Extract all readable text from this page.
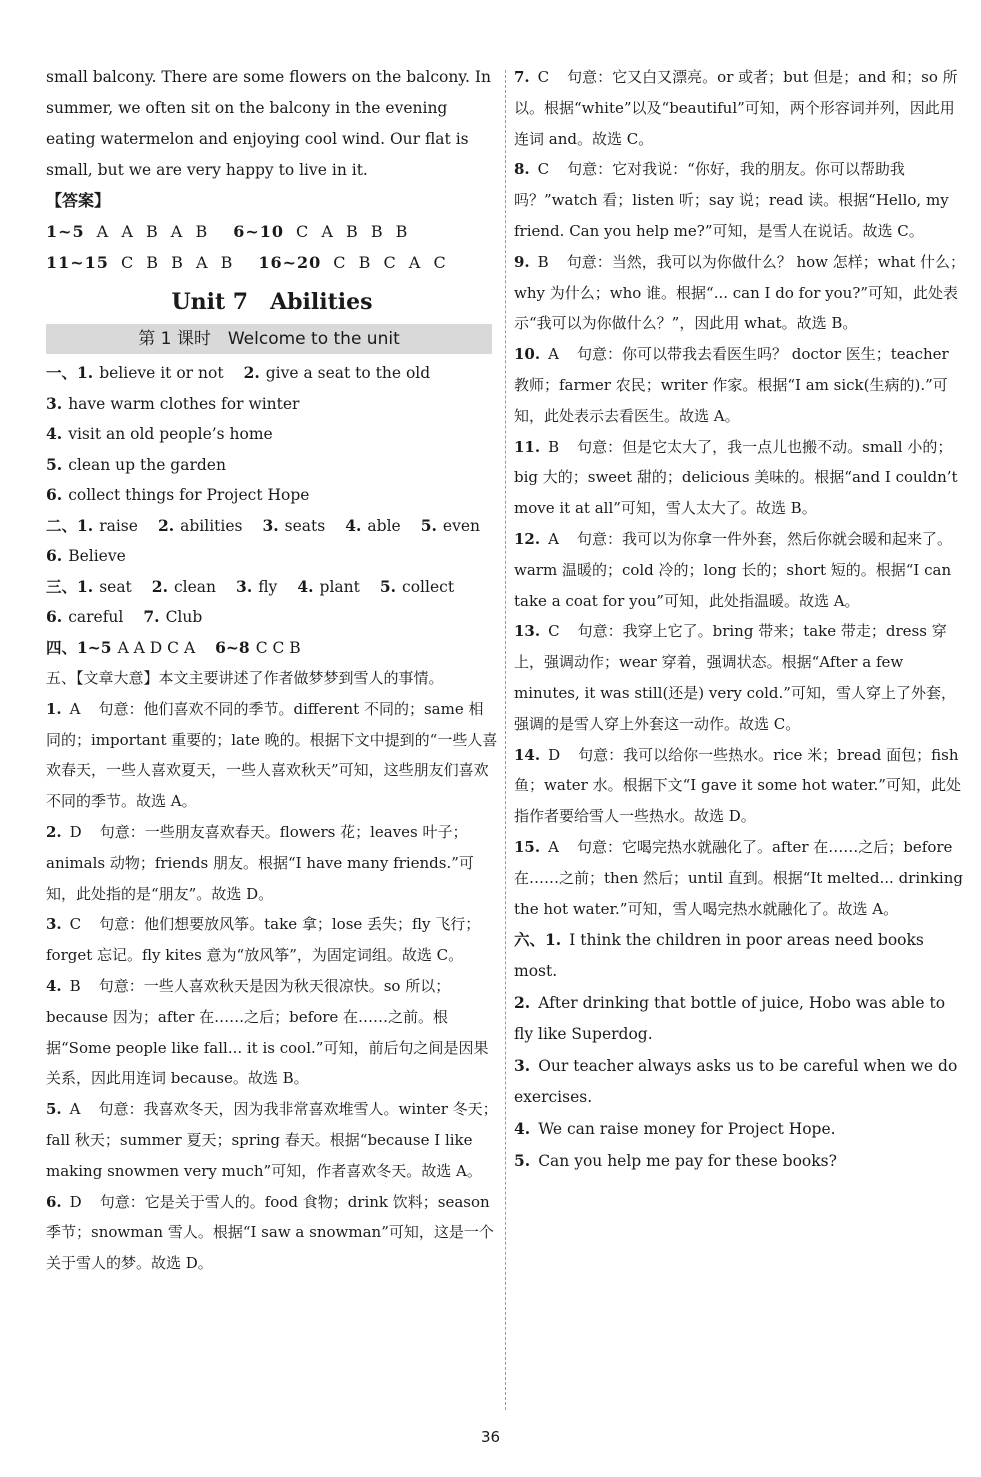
small balcony. There are some flowers on the balcony. In summer, we often sit on the balcony in the evening eating watermelon and enjoying cool wind. Our flat is small, but we are very happy to live in it.

【答案】
1~5 A A B A B 6~10 C A B B B
11~15 C B B A B 16~20 C B C A C
Unit 7　Abilities
第 1 课时　Welcome to the unit
一、1. believe it or not 2. give a seat to the old
3. have warm clothes for winter
4. visit an old people’s home
5. clean up the garden
6. collect things for Project Hope
二、1. raise 2. abilities 3. seats 4. able 5. even
6. Believe
三、1. seat 2. clean 3. fly 4. plant 5. collect
6. careful 7. Club
四、1~5 A A D C A 6~8 C C B

五、【文章大意】本文主要讲述了作者做梦梦到雪人的事情。

1. A 句意：他们喜欢不同的季节。different 不同的；same 相同的；important 重要的；late 晚的。根据下文中提到的“一些人喜欢春天，一些人喜欢夏天，一些人喜欢秋天”可知，这些朋友们喜欢不同的季节。故选 A。

2. D 句意：一些朋友喜欢春天。flowers 花；leaves 叶子；animals 动物；friends 朋友。根据“I have many friends.”可知，此处指的是“朋友”。故选 D。

3. C 句意：他们想要放风筝。take 拿；lose 丢失；fly 飞行；forget 忘记。fly kites 意为“放风筝”，为固定词组。故选 C。

4. B 句意：一些人喜欢秋天是因为秋天很凉快。so 所以；because 因为；after 在……之后；before 在……之前。根据“Some people like fall... it is cool.”可知，前后句之间是因果关系，因此用连词 because。故选 B。

5. A 句意：我喜欢冬天，因为我非常喜欢堆雪人。winter 冬天；fall 秋天；summer 夏天；spring 春天。根据“because I like making snowmen very much”可知，作者喜欢冬天。故选 A。

6. D 句意：它是关于雪人的。food 食物；drink 饮料；season 季节；snowman 雪人。根据“I saw a snowman”可知，这是一个关于雪人的梦。故选 D。

7. C 句意：它又白又漂亮。or 或者；but 但是；and 和；so 所以。根据“white”以及“beautiful”可知，两个形容词并列，因此用连词 and。故选 C。

8. C 句意：它对我说：“你好，我的朋友。你可以帮助我吗？”watch 看；listen 听；say 说；read 读。根据“Hello, my friend. Can you help me?”可知，是雪人在说话。故选 C。

9. B 句意：当然，我可以为你做什么？ how 怎样；what 什么；why 为什么；who 谁。根据“... can I do for you?”可知，此处表示“我可以为你做什么？”，因此用 what。故选 B。

10. A 句意：你可以带我去看医生吗？ doctor 医生；teacher 教师；farmer 农民；writer 作家。根据“I am sick(生病的).”可知，此处表示去看医生。故选 A。

11. B 句意：但是它太大了，我一点儿也搬不动。small 小的；big 大的；sweet 甜的；delicious 美味的。根据“and I couldn’t move it at all”可知，雪人太大了。故选 B。

12. A 句意：我可以为你拿一件外套，然后你就会暖和起来了。warm 温暖的；cold 冷的；long 长的；short 短的。根据“I can take a coat for you”可知，此处指温暖。故选 A。

13. C 句意：我穿上它了。bring 带来；take 带走；dress 穿上，强调动作；wear 穿着，强调状态。根据“After a few minutes, it was still(还是) very cold.”可知，雪人穿上了外套，强调的是雪人穿上外套这一动作。故选 C。

14. D 句意：我可以给你一些热水。rice 米；bread 面包；fish 鱼；water 水。根据下文“I gave it some hot water.”可知，此处指作者要给雪人一些热水。故选 D。

15. A 句意：它喝完热水就融化了。after 在……之后；before 在……之前；then 然后；until 直到。根据“It melted... drinking the hot water.”可知，雪人喝完热水就融化了。故选 A。

六、1. I think the children in poor areas need books most.
2. After drinking that bottle of juice, Hobo was able to fly like Superdog.
3. Our teacher always asks us to be careful when we do exercises.
4. We can raise money for Project Hope.
5. Can you help me pay for these books?
36
